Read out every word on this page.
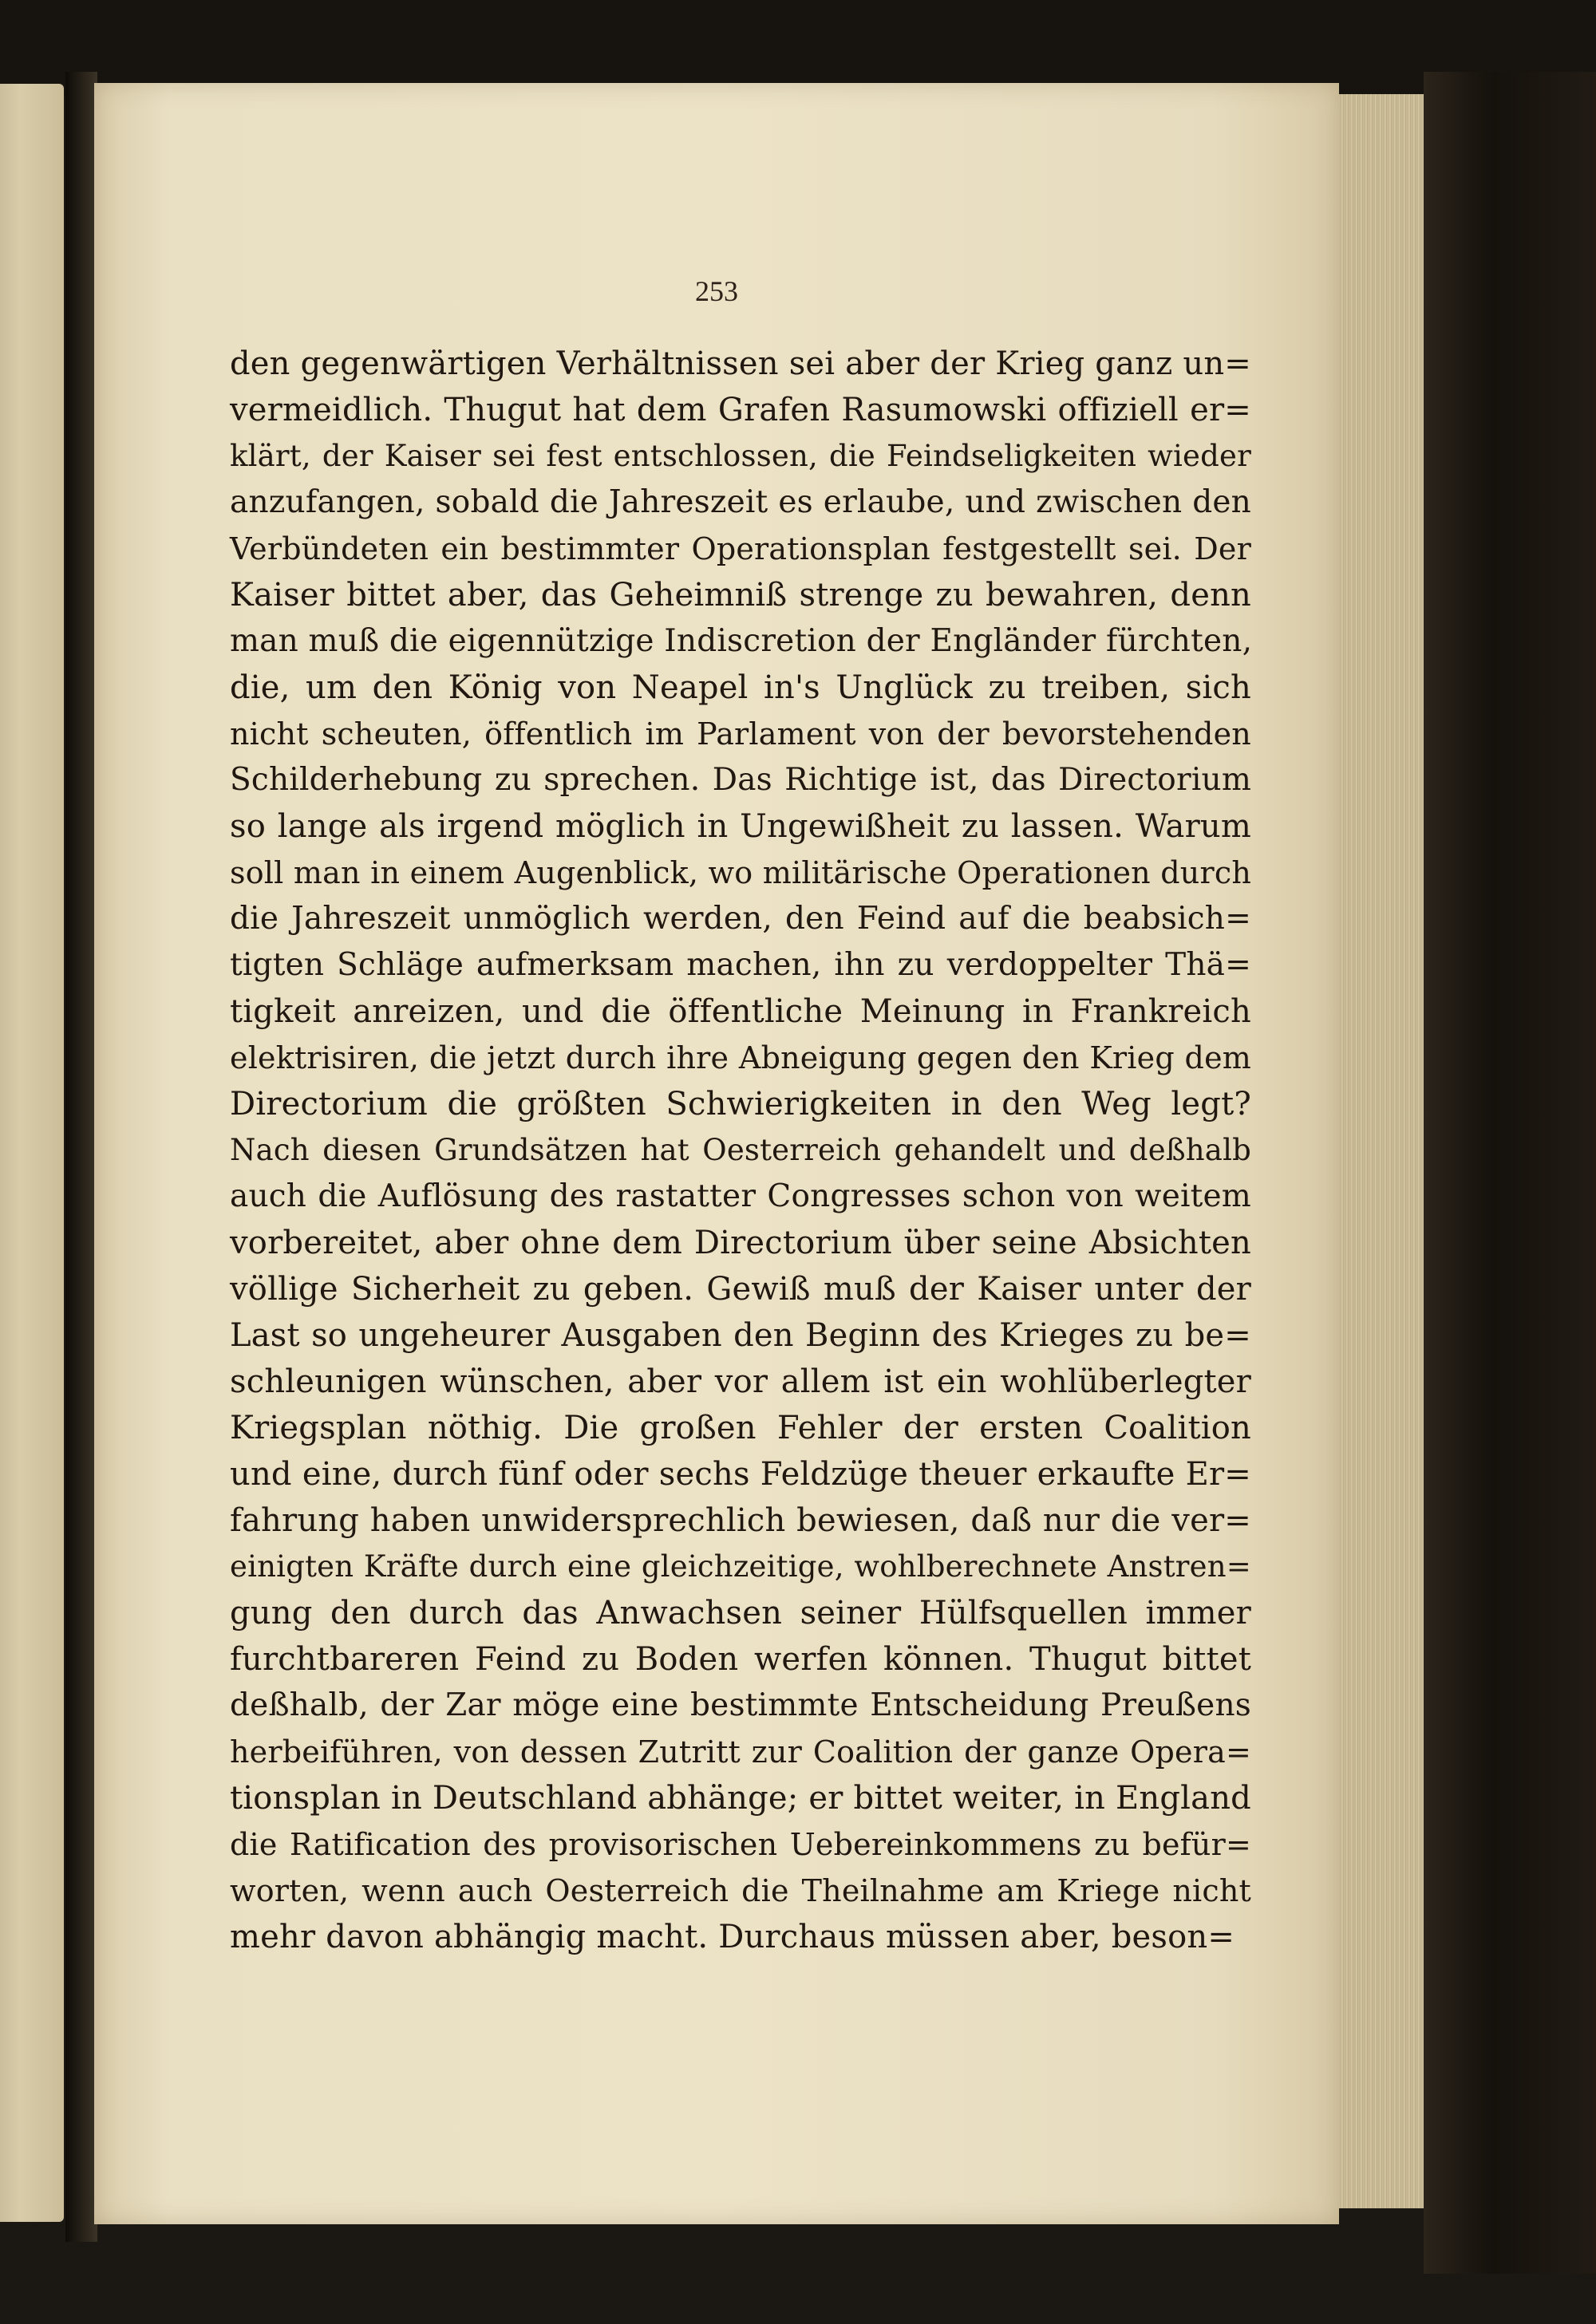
253
den gegenwärtigen Verhältnissen sei aber der Krieg ganz un=
vermeidlich. Thugut hat dem Grafen Rasumowski offiziell er=
klärt, der Kaiser sei fest entschlossen, die Feindseligkeiten wieder
anzufangen, sobald die Jahreszeit es erlaube, und zwischen den
Verbündeten ein bestimmter Operationsplan festgestellt sei. Der
Kaiser bittet aber, das Geheimniß strenge zu bewahren, denn
man muß die eigennützige Indiscretion der Engländer fürchten,
die, um den König von Neapel in's Unglück zu treiben, sich
nicht scheuten, öffentlich im Parlament von der bevorstehenden
Schilderhebung zu sprechen. Das Richtige ist, das Directorium
so lange als irgend möglich in Ungewißheit zu lassen. Warum
soll man in einem Augenblick, wo militärische Operationen durch
die Jahreszeit unmöglich werden, den Feind auf die beabsich=
tigten Schläge aufmerksam machen, ihn zu verdoppelter Thä=
tigkeit anreizen, und die öffentliche Meinung in Frankreich
elektrisiren, die jetzt durch ihre Abneigung gegen den Krieg dem
Directorium die größten Schwierigkeiten in den Weg legt?
Nach diesen Grundsätzen hat Oesterreich gehandelt und deßhalb
auch die Auflösung des rastatter Congresses schon von weitem
vorbereitet, aber ohne dem Directorium über seine Absichten
völlige Sicherheit zu geben. Gewiß muß der Kaiser unter der
Last so ungeheurer Ausgaben den Beginn des Krieges zu be=
schleunigen wünschen, aber vor allem ist ein wohlüberlegter
Kriegsplan nöthig. Die großen Fehler der ersten Coalition
und eine, durch fünf oder sechs Feldzüge theuer erkaufte Er=
fahrung haben unwidersprechlich bewiesen, daß nur die ver=
einigten Kräfte durch eine gleichzeitige, wohlberechnete Anstren=
gung den durch das Anwachsen seiner Hülfsquellen immer
furchtbareren Feind zu Boden werfen können. Thugut bittet
deßhalb, der Zar möge eine bestimmte Entscheidung Preußens
herbeiführen, von dessen Zutritt zur Coalition der ganze Opera=
tionsplan in Deutschland abhänge; er bittet weiter, in England
die Ratification des provisorischen Uebereinkommens zu befür=
worten, wenn auch Oesterreich die Theilnahme am Kriege nicht
mehr davon abhängig macht. Durchaus müssen aber, beson=
